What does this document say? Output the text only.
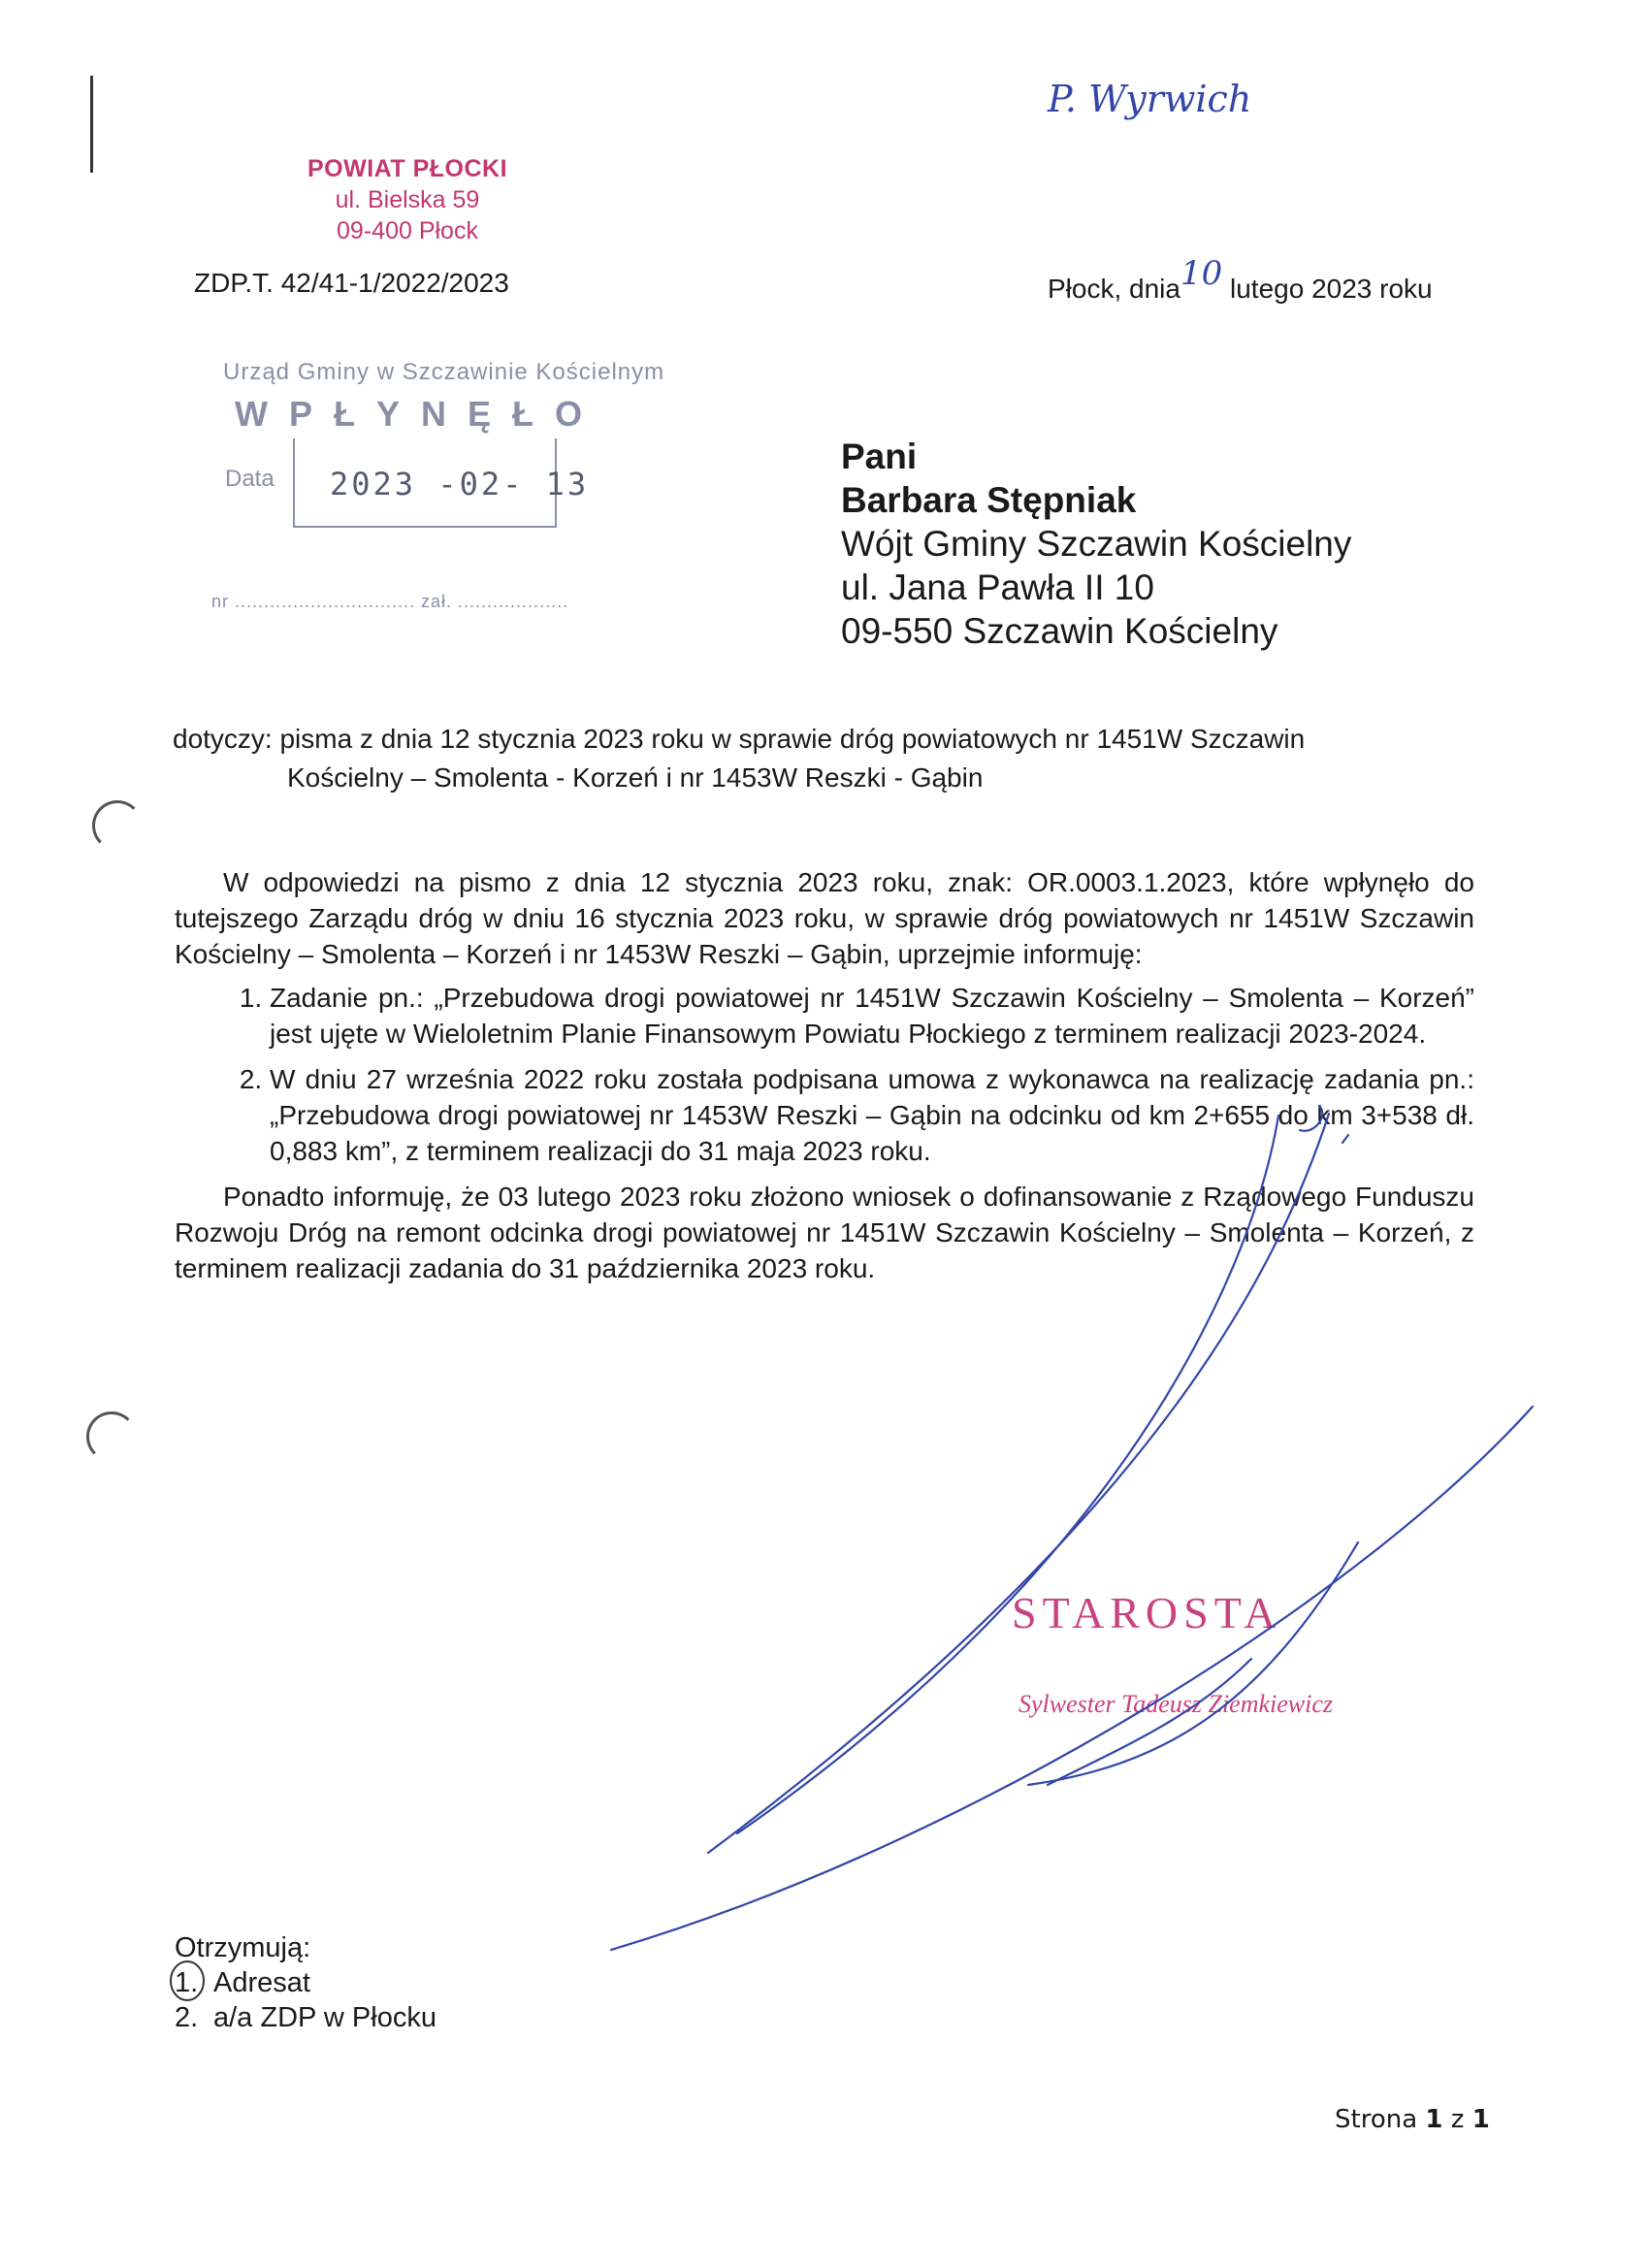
P. Wyrwich
POWIAT PŁOCKI
ul. Bielska 59
09-400 Płock
ZDP.T. 42/41-1/2022/2023	Płock, dnia10 lutego 2023 roku
Urząd Gminy w Szczawinie Kościelnym
WPŁYNĘŁO
Data 2023 -02- 13
nr ............................... zał. ...................
Pani
Barbara Stępniak
Wójt Gminy Szczawin Kościelny
ul. Jana Pawła II 10
09-550 Szczawin Kościelny
dotyczy: pisma z dnia 12 stycznia 2023 roku w sprawie dróg powiatowych nr 1451W Szczawin
Kościelny – Smolenta - Korzeń i nr 1453W Reszki - Gąbin

W odpowiedzi na pismo z dnia 12 stycznia 2023 roku, znak: OR.0003.1.2023, które wpłynęło do tutejszego Zarządu dróg w dniu 16 stycznia 2023 roku, w sprawie dróg powiatowych nr 1451W Szczawin Kościelny – Smolenta – Korzeń i nr 1453W Reszki – Gąbin, uprzejmie informuję:

1. Zadanie pn.: „Przebudowa drogi powiatowej nr 1451W Szczawin Kościelny – Smolenta – Korzeń” jest ujęte w Wieloletnim Planie Finansowym Powiatu Płockiego z terminem realizacji 2023-2024.
2. W dniu 27 września 2022 roku została podpisana umowa z wykonawca na realizację zadania pn.: „Przebudowa drogi powiatowej nr 1453W Reszki – Gąbin na odcinku od km 2+655 do km 3+538 dł. 0,883 km”, z terminem realizacji do 31 maja 2023 roku.

Ponadto informuję, że 03 lutego 2023 roku złożono wniosek o dofinansowanie z Rządowego Funduszu Rozwoju Dróg na remont odcinka drogi powiatowej nr 1451W Szczawin Kościelny – Smolenta – Korzeń, z terminem realizacji zadania do 31 października 2023 roku.

STAROSTA
Sylwester Tadeusz Ziemkiewicz
Otrzymują:
1. Adresat
2. a/a ZDP w Płocku
Strona 1 z 1
